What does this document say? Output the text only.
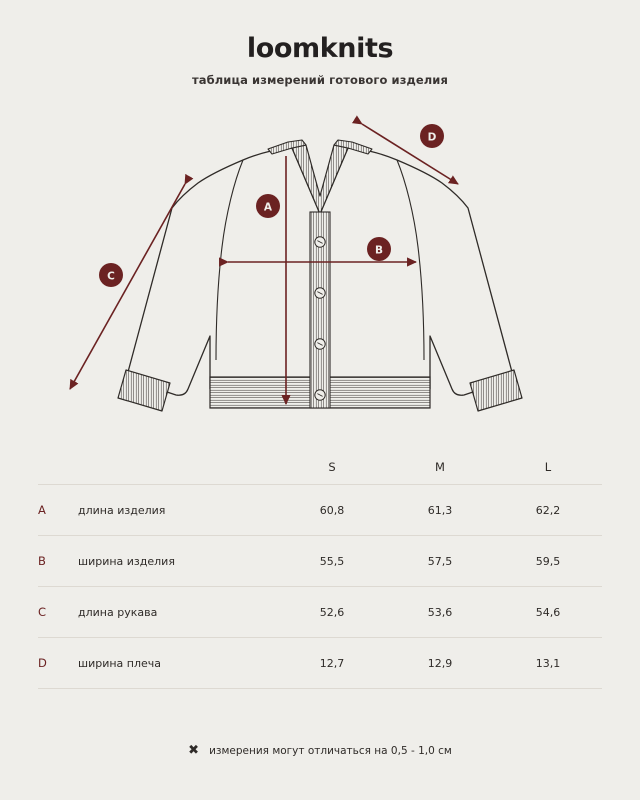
loomknits
таблица измерений готового изделия
A
B
C
D
		S	M	L
A	длина изделия	60,8	61,3	62,2
B	ширина изделия	55,5	57,5	59,5
C	длина рукава	52,6	53,6	54,6
D	ширина плеча	12,7	12,9	13,1
✖ измерения могут отличаться на 0,5 - 1,0 см
